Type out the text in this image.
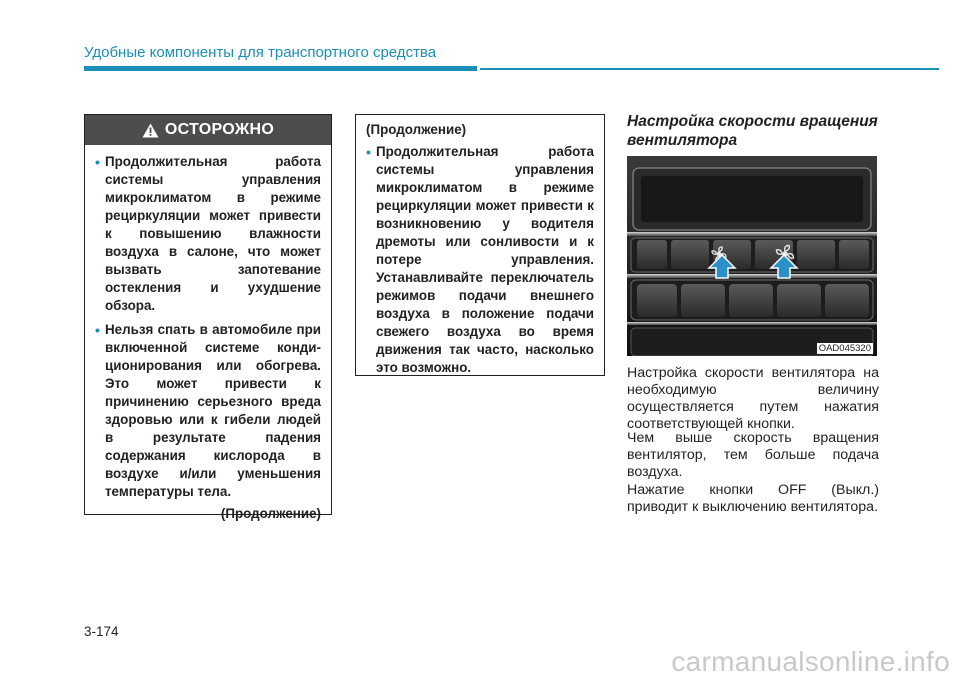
Удобные компоненты для транспортного средства
ОСТОРОЖНО
• Продолжительная работа системы управления микроклиматом в режиме рециркуляции может привести к повышению влажности воздуха в салоне, что может вызвать запотевание остекления и ухудшение обзора.
• Нельзя спать в автомобиле при включенной системе конди-ционирования или обогрева. Это может привести к причинению серьезного вреда здоровью или к гибели людей в результате падения содержания кислорода в воздухе и/или уменьшения температуры тела.
(Продолжение)
(Продолжение)
• Продолжительная работа системы управления микроклиматом в режиме рециркуляции может привести к возникновению у водителя дремоты или сонливости и к потере управления. Устанавливайте переключатель режимов подачи внешнего воздуха в положение подачи свежего воздуха во время движения так часто, насколько это возможно.
Настройка скорости вращения вентилятора
OAD045320
Настройка скорости вентилятора на необходимую величину осуществляется путем нажатия соответствующей кнопки.
Чем выше скорость вращения вентилятор, тем больше подача воздуха.
Нажатие кнопки OFF (Выкл.) приводит к выключению вентилятора.
3-174
carmanualsonline.info
